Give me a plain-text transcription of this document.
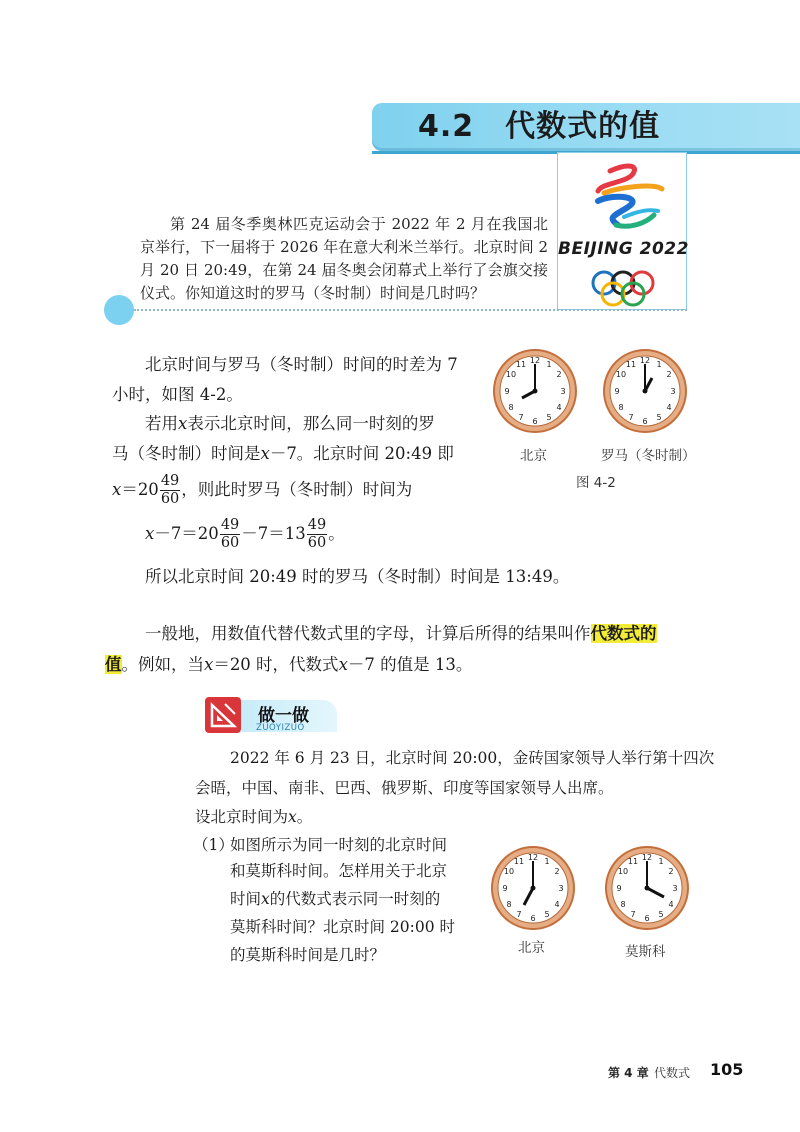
4.2　代数式的值
BEIJING 2022
第 24 届冬季奥林匹克运动会于 2022 年 2 月在我国北京举行，下一届将于 2026 年在意大利米兰举行。北京时间 2 月 20 日 20:49，在第 24 届冬奥会闭幕式上举行了会旗交接仪式。你知道这时的罗马（冬时制）时间是几时吗？
北京时间与罗马（冬时制）时间的时差为 7
小时，如图 4-2。
若用x表示北京时间，那么同一时刻的罗
马（冬时制）时间是x－7。北京时间 20:49 即
$x=20 \frac{49}{60}$ ，则此时罗马（冬时制）时间为
$x-7=20 \frac{49}{60} -7=13 \frac{49}{60}$ 。
所以北京时间 20:49 时的罗马（冬时制）时间是 13:49。
一般地，用数值代替代数式里的字母，计算后所得的结果叫作代数式的
值。例如，当x＝20 时，代数式x－7 的值是 13。
12 1
2
3
4
5
6
7
8
9
10
11	12 1
2
3
4
5
6
7
8
9
10
11
北京	罗马（冬时制）
图 4-2
做一做
ZUOYIZUO
2022 年 6 月 23 日，北京时间 20:00，金砖国家领导人举行第十四次
会晤，中国、南非、巴西、俄罗斯、印度等国家领导人出席。
设北京时间为x。
（1）
如图所示为同一时刻的北京时间
和莫斯科时间。怎样用关于北京
时间x的代数式表示同一时刻的
莫斯科时间？北京时间 20:00 时
的莫斯科时间是几时？
12 1
2
3
4
5
6
7
8
9
10
11	12 1
2
3
4
5
6
7
8
9
10
11
北京	莫斯科
第 4 章 代数式 105
